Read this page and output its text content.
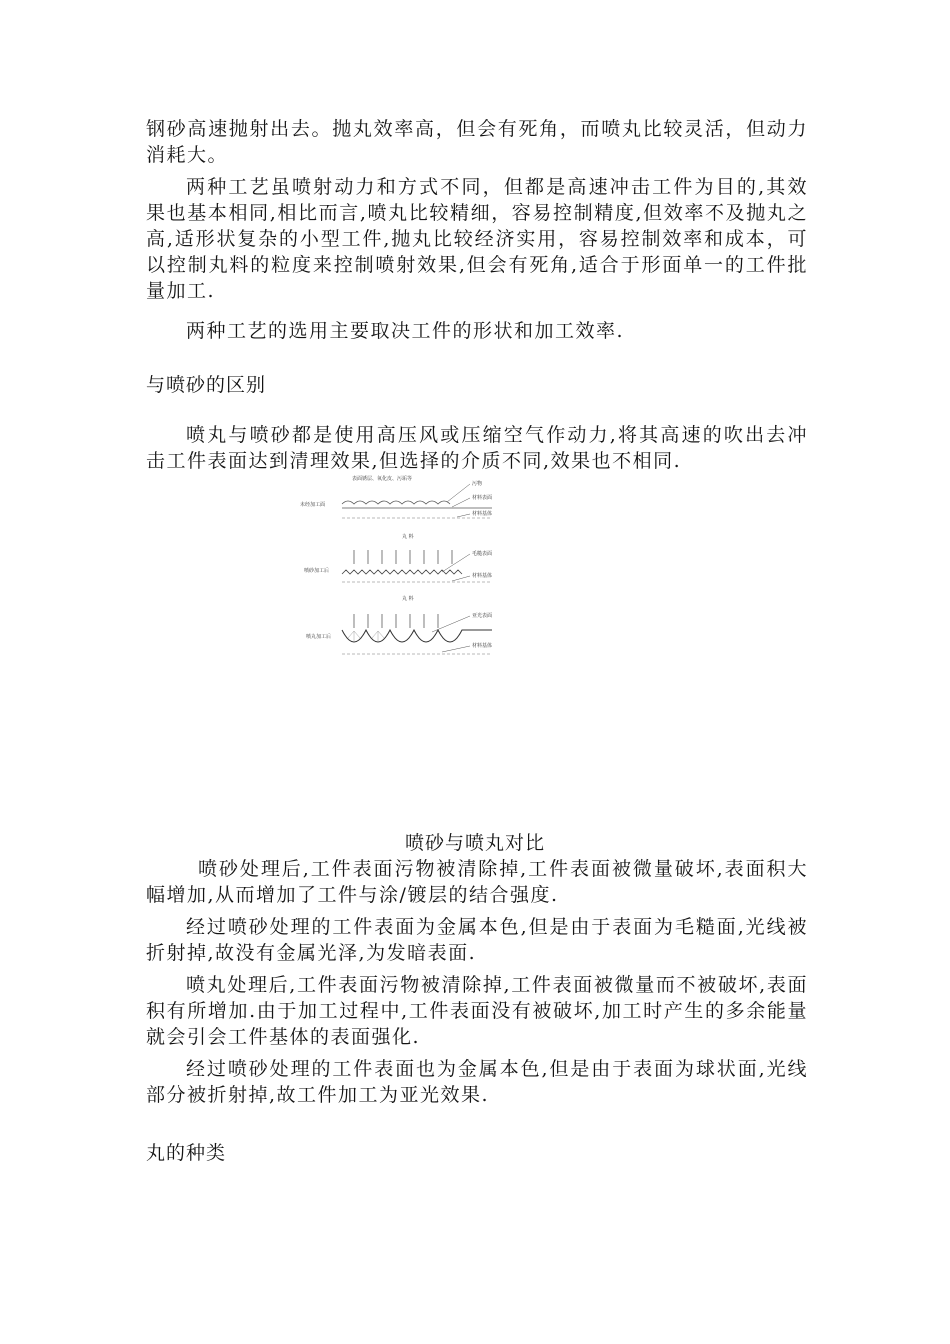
钢砂高速抛射出去。抛丸效率高，但会有死角，而喷丸比较灵活，但动力消耗大。
两种工艺虽喷射动力和方式不同，但都是高速冲击工件为目的,其效果也基本相同,相比而言,喷丸比较精细，容易控制精度,但效率不及抛丸之高,适形状复杂的小型工件,抛丸比较经济实用，容易控制效率和成本，可以控制丸料的粒度来控制喷射效果,但会有死角,适合于形面单一的工件批量加工.
两种工艺的选用主要取决工件的形状和加工效率.
与喷砂的区别
喷丸与喷砂都是使用高压风或压缩空气作动力,将其高速的吹出去冲击工件表面达到清理效果,但选择的介质不同,效果也不相同.
表面锈层、氧化皮、污垢等
未经加工面
污物
材料表面
材料基体
丸 料
喷砂加工后
毛糙表面
材料基体
丸 料
喷丸加工后
亚光表面
材料基体
喷砂与喷丸对比
喷砂处理后,工件表面污物被清除掉,工件表面被微量破坏,表面积大幅增加,从而增加了工件与涂/镀层的结合强度.
经过喷砂处理的工件表面为金属本色,但是由于表面为毛糙面,光线被折射掉,故没有金属光泽,为发暗表面.
喷丸处理后,工件表面污物被清除掉,工件表面被微量而不被破坏,表面积有所增加.由于加工过程中,工件表面没有被破坏,加工时产生的多余能量就会引会工件基体的表面强化.
经过喷砂处理的工件表面也为金属本色,但是由于表面为球状面,光线部分被折射掉,故工件加工为亚光效果.
丸的种类
